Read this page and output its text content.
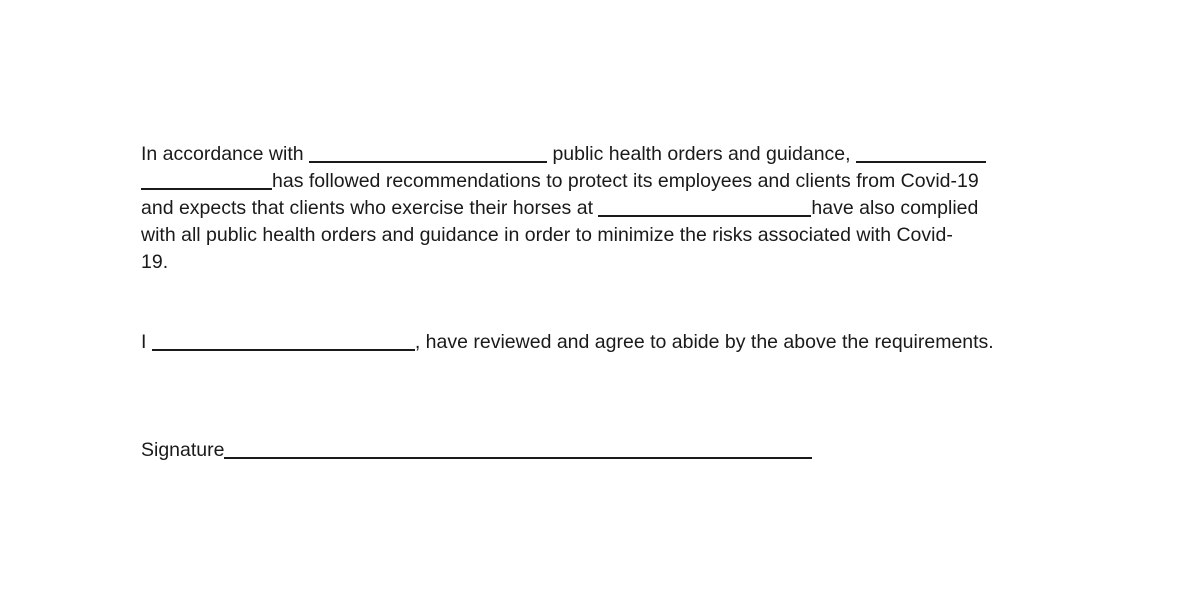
In accordance with	public health orders and guidance,
has followed recommendations to protect its employees and clients from Covid-19
and expects that clients who exercise their horses at	have also complied
with all public health orders and guidance in order to minimize the risks associated with Covid-
19.

I	, have reviewed and agree to abide by the above the requirements.

Signature
